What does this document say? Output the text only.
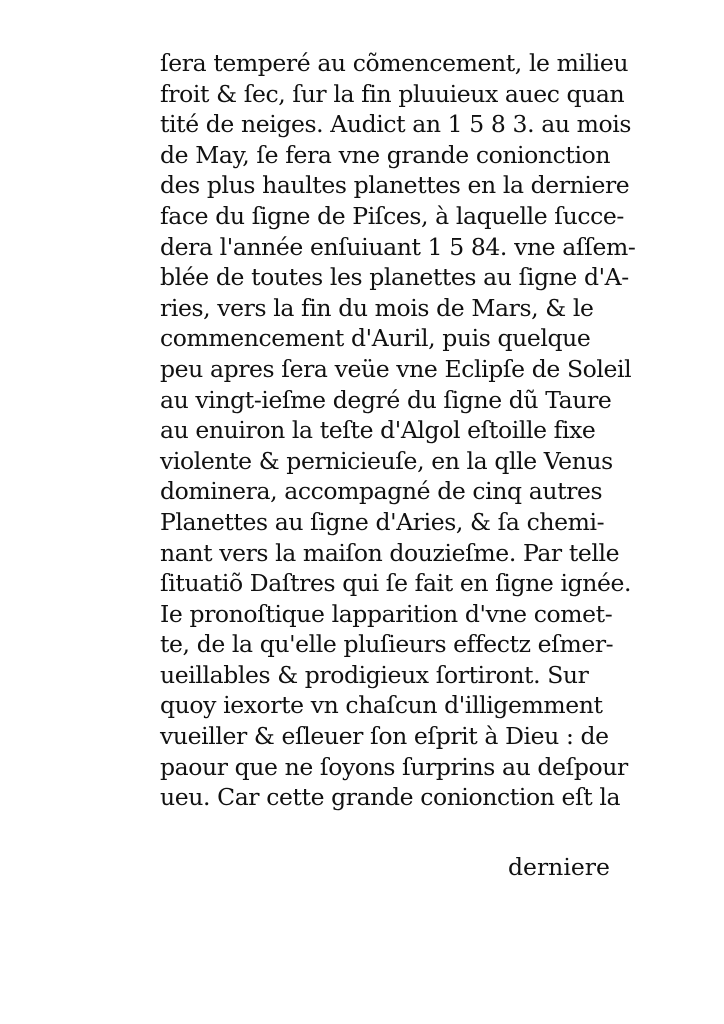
ſera temperé au cõmencement, le milieu
froit & ſec, ſur la fin pluuieux auec quan
tité de neiges. Audict an 1 5 8 3. au mois
de May, ſe fera vne grande conionction
des plus haultes planettes en la derniere
face du ſigne de Piſces, à laquelle ſucce-
dera l'année enſuiuant 1 5 84. vne aſſem-
blée de toutes les planettes au ſigne d'A-
ries, vers la fin du mois de Mars, & le
commencement d'Auril, puis quelque
peu apres ſera veüe vne Eclipſe de Soleil
au vingt-ieſme degré du ſigne dũ Taure
au enuiron la teſte d'Algol eſtoille fixe
violente & pernicieuſe, en la qlle Venus
dominera, accompagné de cinq autres
Planettes au ſigne d'Aries, & ſa chemi-
nant vers la maiſon douzieſme. Par telle
ſituatiõ Daſtres qui ſe fait en ſigne ignée.
Ie pronoſtique lapparition d'vne comet-
te, de la qu'elle pluſieurs effectz eſmer-
ueillables & prodigieux ſortiront. Sur
quoy iexorte vn chaſcun d'illigemment
vueiller & eſleuer ſon eſprit à Dieu : de
paour que ne ſoyons ſurprins au deſpour
ueu. Car cette grande conionction eſt la
derniere
